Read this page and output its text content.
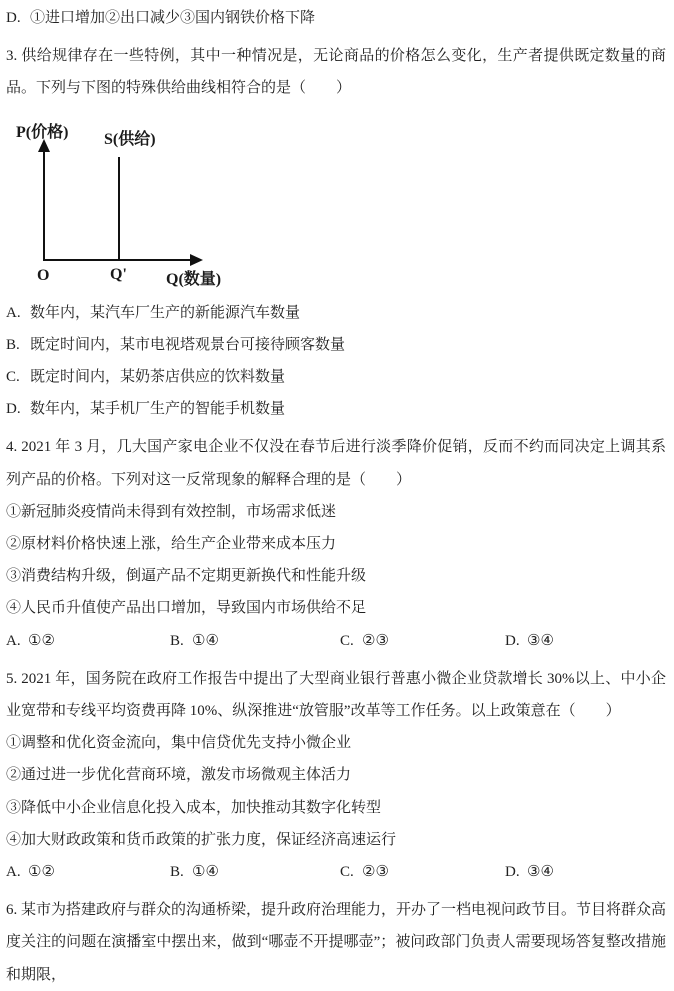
D. ①进口增加②出口减少③国内钢铁价格下降

3. 供给规律存在一些特例，其中一种情况是，无论商品的价格怎么变化，生产者提供既定数量的商品。下列与下图的特殊供给曲线相符合的是（　　）

P(价格) S(供给)
O	Q' Q(数量)

A. 数年内，某汽车厂生产的新能源汽车数量

B. 既定时间内，某市电视塔观景台可接待顾客数量

C. 既定时间内，某奶茶店供应的饮料数量

D. 数年内，某手机厂生产的智能手机数量

4. 2021 年 3 月，几大国产家电企业不仅没在春节后进行淡季降价促销，反而不约而同决定上调其系列产品的价格。下列对这一反常现象的解释合理的是（　　）

①新冠肺炎疫情尚未得到有效控制，市场需求低迷

②原材料价格快速上涨，给生产企业带来成本压力

③消费结构升级，倒逼产品不定期更新换代和性能升级

④人民币升值使产品出口增加，导致国内市场供给不足

A. ①②	B. ①④	C. ②③	D. ③④

5. 2021 年，国务院在政府工作报告中提出了大型商业银行普惠小微企业贷款增长 30%以上、中小企业宽带和专线平均资费再降 10%、纵深推进“放管服”改革等工作任务。以上政策意在（　　）

①调整和优化资金流向，集中信贷优先支持小微企业

②通过进一步优化营商环境，激发市场微观主体活力

③降低中小企业信息化投入成本，加快推动其数字化转型

④加大财政政策和货币政策的扩张力度，保证经济高速运行

A. ①②	B. ①④	C. ②③	D. ③④

6. 某市为搭建政府与群众的沟通桥梁，提升政府治理能力，开办了一档电视问政节目。节目将群众高度关注的问题在演播室中摆出来，做到“哪壶不开提哪壶”；被问政部门负责人需要现场答复整改措施和期限，
